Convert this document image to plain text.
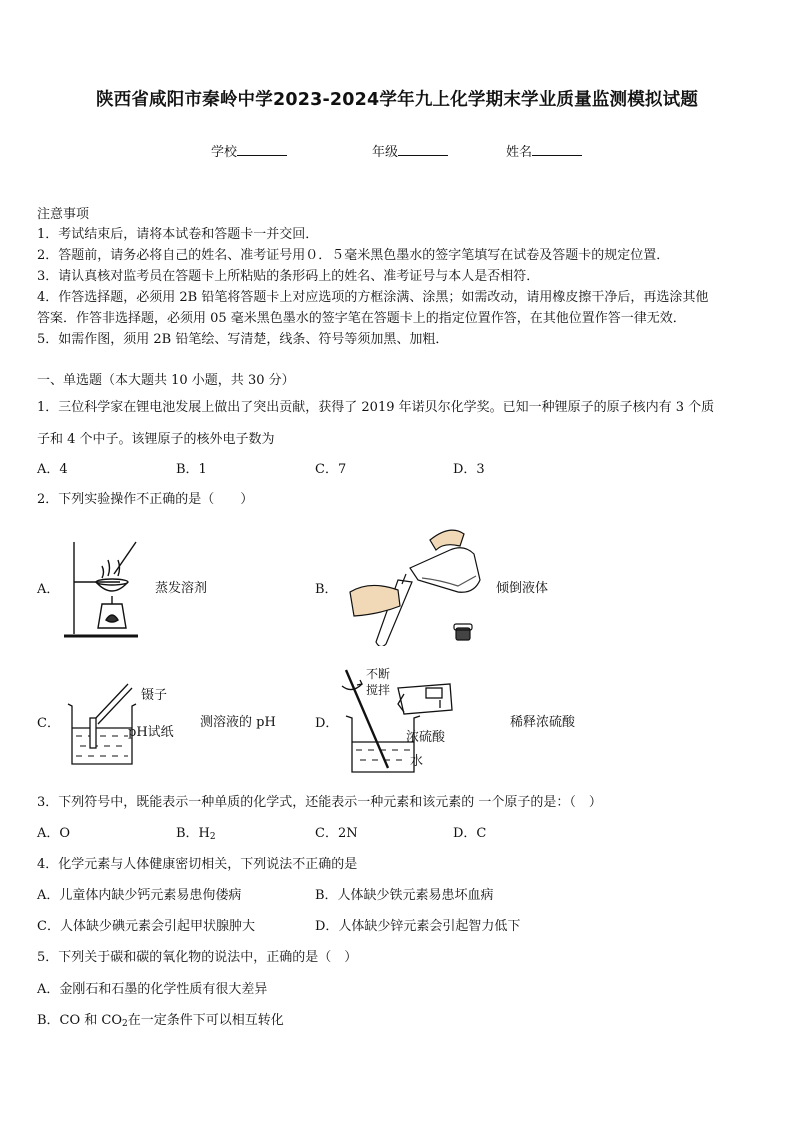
陕西省咸阳市秦岭中学2023-2024学年九上化学期末学业质量监测模拟试题
学校	年级	姓名
注意事项
1．考试结束后，请将本试卷和答题卡一并交回．
2．答题前，请务必将自己的姓名、准考证号用０．５毫米黑色墨水的签字笔填写在试卷及答题卡的规定位置．
3．请认真核对监考员在答题卡上所粘贴的条形码上的姓名、准考证号与本人是否相符．
4．作答选择题，必须用 2B 铅笔将答题卡上对应选项的方框涂满、涂黑；如需改动，请用橡皮擦干净后，再选涂其他
答案．作答非选择题，必须用 05 毫米黑色墨水的签字笔在答题卡上的指定位置作答，在其他位置作答一律无效．
5．如需作图，须用 2B 铅笔绘、写清楚，线条、符号等须加黑、加粗．
一、单选题（本大题共 10 小题，共 30 分）
1．三位科学家在锂电池发展上做出了突出贡献，获得了 2019 年诺贝尔化学奖。已知一种锂原子的原子核内有 3 个质
子和 4 个中子。该锂原子的核外电子数为
A．4	B．1	C．7	D．3
2．下列实验操作不正确的是（　　）
A．	蒸发溶剂	B．	倾倒液体
C．
镊子
pH试纸
测溶液的 pH	D．
不断
搅拌
浓硫酸
水
稀释浓硫酸
3．下列符号中，既能表示一种单质的化学式，还能表示一种元素和该元素的 一个原子的是：（　）
A．O	B．$H_2$	C．2N	D．C
4．化学元素与人体健康密切相关，下列说法不正确的是
A．儿童体内缺少钙元素易患佝偻病	B．人体缺少铁元素易患坏血病
C．人体缺少碘元素会引起甲状腺肿大	D．人体缺少锌元素会引起智力低下
5．下列关于碳和碳的氧化物的说法中，正确的是（　）
A．金刚石和石墨的化学性质有很大差异
B．CO 和 $CO_2$在一定条件下可以相互转化
